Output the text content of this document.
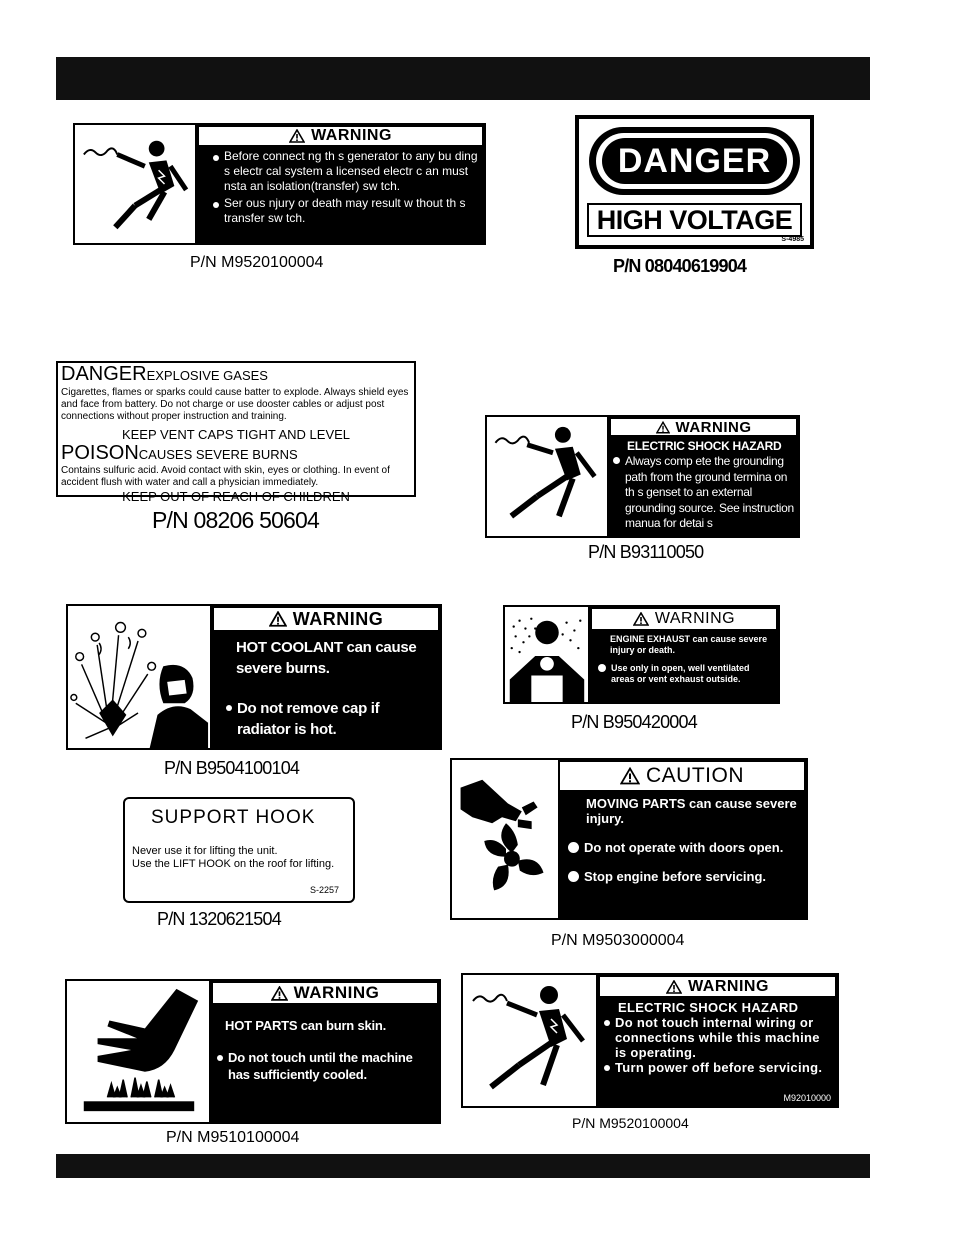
WARNING
Before connect ng th s generator to any bu ding s electr cal system a licensed electr c an must nsta an isolation(transfer) sw tch.
Ser ous njury or death may result w thout th s transfer sw tch.
P/N M9520100004
DANGER
HIGH VOLTAGE
S-4985
P/N 08040619904
DANGEREXPLOSIVE GASES
Cigarettes, flames or sparks could cause batter to explode. Always shield eyes and face from battery. Do not charge or use dooster cables or adjust post connections without proper instruction and training.
KEEP VENT CAPS TIGHT AND LEVEL
POISONCAUSES SEVERE BURNS
Contains sulfuric acid. Avoid contact with skin, eyes or clothing. In event of accident flush with water and call a physician immediately.
KEEP OUT OF REACH OF CHILDREN
P/N 08206 50604
WARNING
ELECTRIC SHOCK HAZARD
Always comp ete the grounding path from the ground termina on th s genset to an external grounding source. See instruction manua for detai s
P/N B93110050
WARNING
HOT COOLANT can cause severe burns.
Do not remove cap if radiator is hot.
P/N B9504100104
WARNING
ENGINE EXHAUST can cause severe injury or death.
Use only in open, well ventilated areas or vent exhaust outside.
P/N B950420004
SUPPORT HOOK
Never use it for lifting the unit.
Use the LIFT HOOK on the roof for lifting.
S-2257
P/N 1320621504
CAUTION
MOVING PARTS can cause severe injury.
Do not operate with doors open.
Stop engine before servicing.
P/N M9503000004
WARNING
HOT PARTS can burn skin.
Do not touch until the machine has sufficiently cooled.
P/N M9510100004
WARNING
ELECTRIC SHOCK HAZARD
Do not touch internal wiring or connections while this machine is operating.
Turn power off before servicing.
M92010000
P/N M9520100004
